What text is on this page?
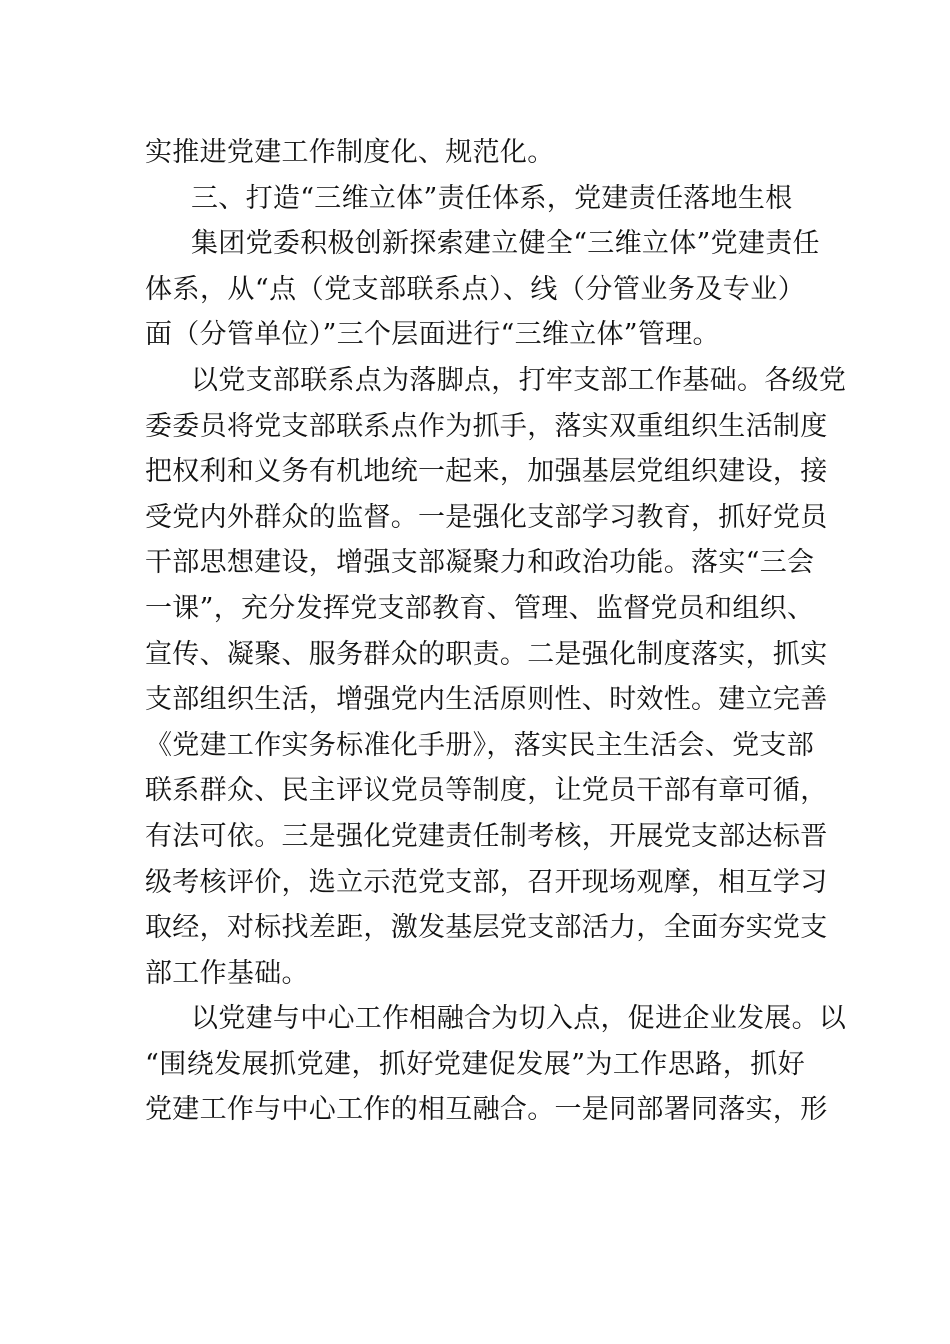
实推进党建工作制度化、规范化。
三、打造“三维立体”责任体系，党建责任落地生根
集团党委积极创新探索建立健全“三维立体”党建责任
体系，从“点（党支部联系点）、线（分管业务及专业）
面（分管单位）”三个层面进行“三维立体”管理。
以党支部联系点为落脚点，打牢支部工作基础。各级党
委委员将党支部联系点作为抓手，落实双重组织生活制度
把权利和义务有机地统一起来，加强基层党组织建设，接
受党内外群众的监督。一是强化支部学习教育，抓好党员
干部思想建设，增强支部凝聚力和政治功能。落实“三会
一课”，充分发挥党支部教育、管理、监督党员和组织、
宣传、凝聚、服务群众的职责。二是强化制度落实，抓实
支部组织生活，增强党内生活原则性、时效性。建立完善
《党建工作实务标准化手册》，落实民主生活会、党支部
联系群众、民主评议党员等制度，让党员干部有章可循，
有法可依。三是强化党建责任制考核，开展党支部达标晋
级考核评价，选立示范党支部，召开现场观摩，相互学习
取经，对标找差距，激发基层党支部活力，全面夯实党支
部工作基础。
以党建与中心工作相融合为切入点，促进企业发展。以
“围绕发展抓党建，抓好党建促发展”为工作思路，抓好
党建工作与中心工作的相互融合。一是同部署同落实，形
